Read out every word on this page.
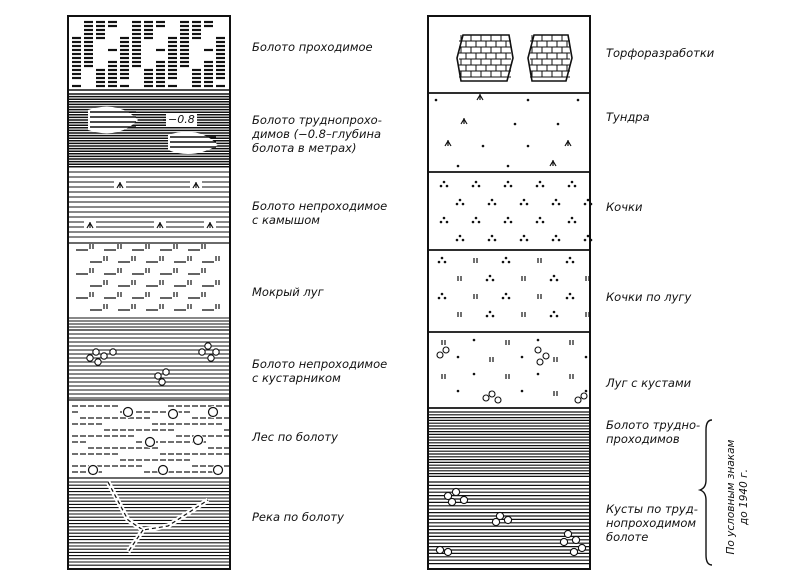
Болото проходимое
Болото труднопрохо-
димов (−0.8–глубина
болота в метрах)
Болото непроходимое
с камышом
Мокрый луг
Болото непроходимое
с кустарником
Лес по болоту
Река по болоту
−0.8
Торфоразработки
Тундра
Кочки
Кочки по лугу
Луг с кустами
Болото трудно-
проходимов
Кусты по труд-
нопроходимом
болоте
По условным знакам
до 1940 г.
